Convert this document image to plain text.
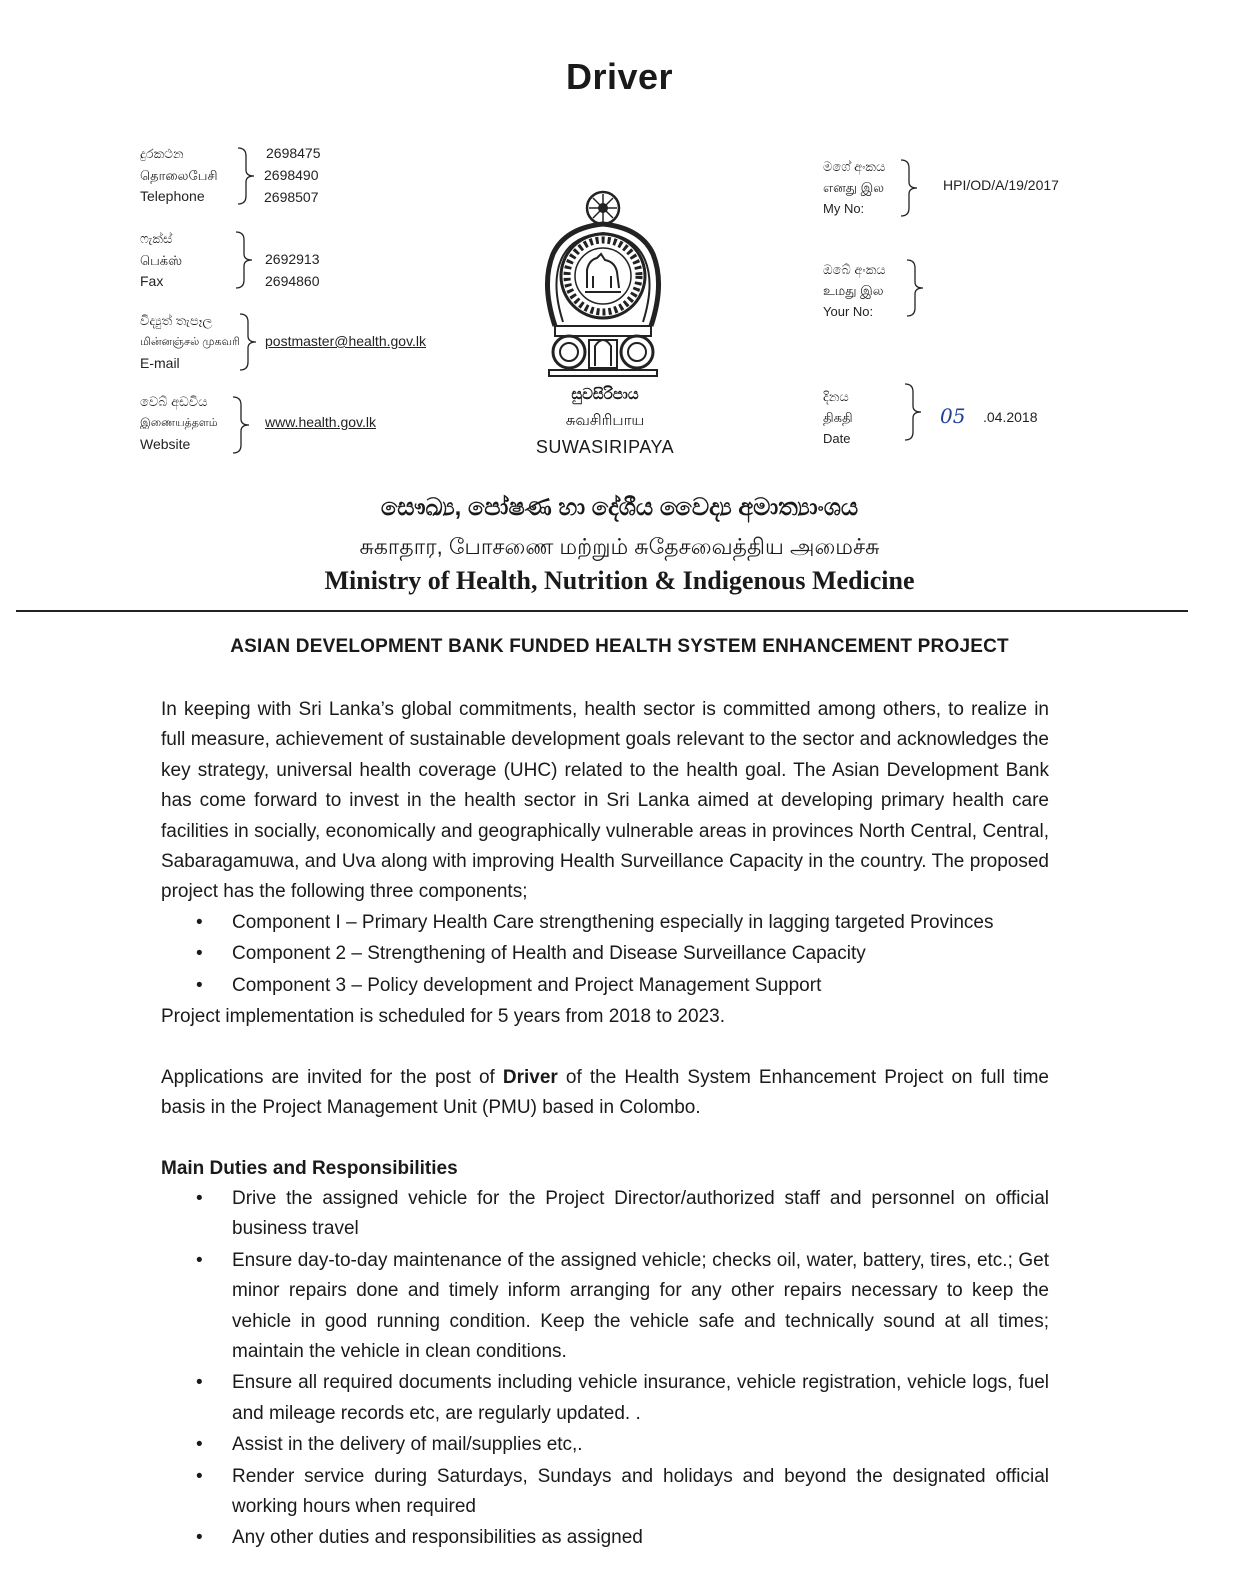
Driver
දුරකථන
தொலைபேசி
Telephone
2698475
2698490
2698507
ෆැක්ස්
பெக்ஸ்
Fax
2692913
2694860
විද්‍යුත් තැපෑල
மின்னஞ்சல் முகவரி
E-mail
postmaster@health.gov.lk
වෙබ් අඩවිය
இணையத்தளம்
Website
www.health.gov.lk
සුවසිරිපාය
சுவசிரிபாய
SUWASIRIPAYA
මගේ අංකය
எனது இல
My No:
HPI/OD/A/19/2017
ඔබේ අංකය
உமது இல
Your No:
දිනය
திகதி
Date
05 .04.2018
සෞඛ්‍ය, පෝෂණ හා දේශීය වෛද්‍ය අමාත්‍යාංශය
சுகாதார, போசணை மற்றும் சுதேசவைத்திய அமைச்சு
Ministry of Health, Nutrition & Indigenous Medicine
ASIAN DEVELOPMENT BANK FUNDED HEALTH SYSTEM ENHANCEMENT PROJECT
In keeping with Sri Lanka’s global commitments, health sector is committed among others, to realize in full measure, achievement of sustainable development goals relevant to the sector and acknowledges the key strategy, universal health coverage (UHC) related to the health goal. The Asian Development Bank has come forward to invest in the health sector in Sri Lanka aimed at developing primary health care facilities in socially, economically and geographically vulnerable areas in provinces North Central, Central, Sabaragamuwa, and Uva along with improving Health Surveillance Capacity in the country. The proposed project has the following three components;
• Component I – Primary Health Care strengthening especially in lagging targeted Provinces
• Component 2 – Strengthening of Health and Disease Surveillance Capacity
• Component 3 – Policy development and Project Management Support
Project implementation is scheduled for 5 years from 2018 to 2023.
Applications are invited for the post of Driver of the Health System Enhancement Project on full time basis in the Project Management Unit (PMU) based in Colombo.
Main Duties and Responsibilities
• Drive the assigned vehicle for the Project Director/authorized staff and personnel on official business travel
• Ensure day-to-day maintenance of the assigned vehicle; checks oil, water, battery, tires, etc.; Get minor repairs done and timely inform arranging for any other repairs necessary to keep the vehicle in good running condition. Keep the vehicle safe and technically sound at all times; maintain the vehicle in clean conditions.
• Ensure all required documents including vehicle insurance, vehicle registration, vehicle logs, fuel and mileage records etc, are regularly updated. .
• Assist in the delivery of mail/supplies etc,.
• Render service during Saturdays, Sundays and holidays and beyond the designated official working hours when required
• Any other duties and responsibilities as assigned
